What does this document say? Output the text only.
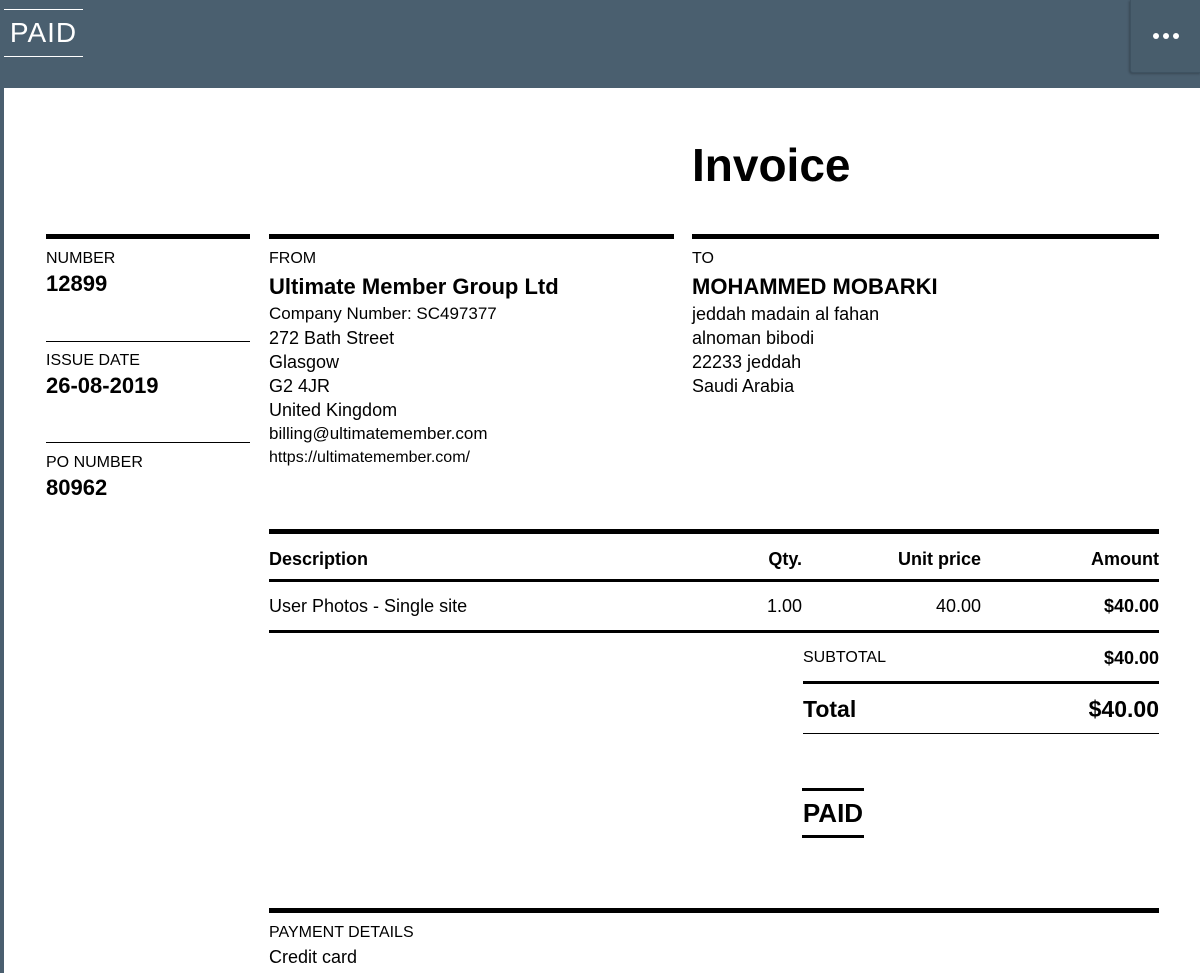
PAID
Invoice
NUMBER
12899
ISSUE DATE
26-08-2019
PO NUMBER
80962
FROM
Ultimate Member Group Ltd
Company Number: SC497377
272 Bath Street
Glasgow
G2 4JR
United Kingdom
billing@ultimatemember.com
https://ultimatemember.com/
TO
MOHAMMED MOBARKI
jeddah madain al fahan
alnoman bibodi
22233 jeddah
Saudi Arabia
Description	Qty.	Unit price	Amount
User Photos - Single site	1.00	40.00	$40.00
SUBTOTAL	$40.00
Total	$40.00
PAID
PAYMENT DETAILS
Credit card
